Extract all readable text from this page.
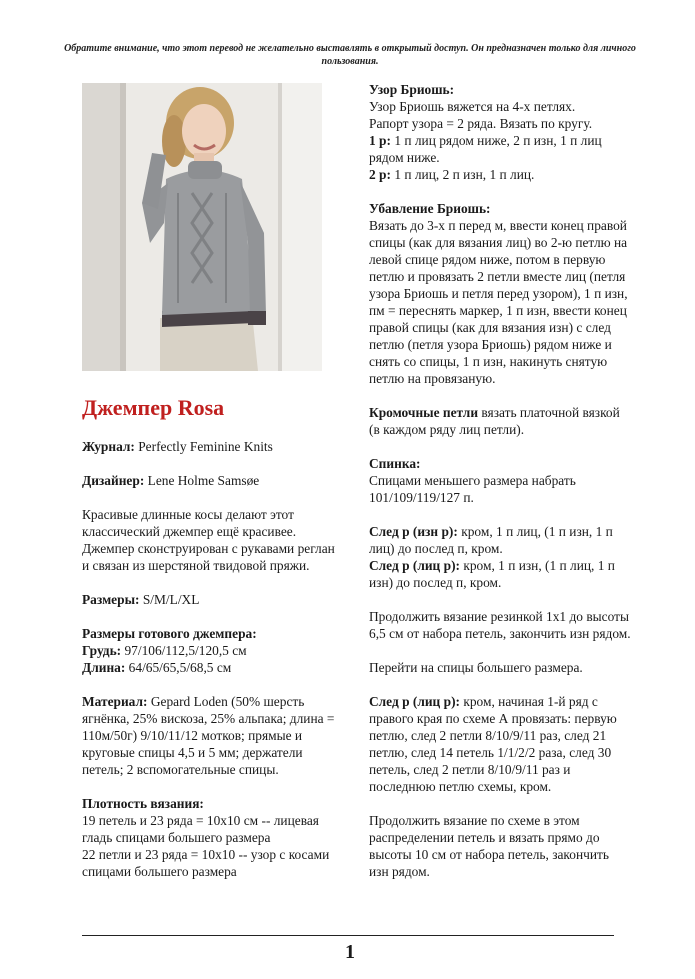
Обратите внимание, что этот перевод не желательно выставлять в открытый доступ. Он предназначен только для личного пользования.
Джемпер Rosa

Журнал: Perfectly Feminine Knits

Дизайнер: Lene Holme Samsøe

Красивые длинные косы делают этот классический джемпер ещё красивее. Джемпер сконструирован с рукавами реглан и связан из шерстяной твидовой пряжи.

Размеры: S/M/L/XL

Размеры готового джемпера:

Грудь: 97/106/112,5/120,5 см

Длина: 64/65/65,5/68,5 см

Материал: Gepard Loden (50% шерсть ягнёнка, 25% вискоза, 25% альпака; длина = 110м/50г) 9/10/11/12 мотков; прямые и круговые спицы 4,5 и 5 мм; держатели петель; 2 вспомогательные спицы.

Плотность вязания:

19 петель и 23 ряда = 10x10 см -- лицевая гладь спицами большего размера

22 петли и 23 ряда = 10x10 -- узор с косами спицами большего размера

Узор Бриошь:

Узор Бриошь вяжется на 4-х петлях.

Рапорт узора = 2 ряда. Вязать по кругу.

1 р: 1 п лиц рядом ниже, 2 п изн, 1 п лиц рядом ниже.

2 р: 1 п лиц, 2 п изн, 1 п лиц.

Убавление Бриошь:

Вязать до 3-х п перед м, ввести конец правой спицы (как для вязания лиц) во 2-ю петлю на левой спице рядом ниже, потом в первую петлю и провязать 2 петли вместе лиц (петля узора Бриошь и петля перед узором), 1 п изн, пм = переснять маркер, 1 п изн, ввести конец правой спицы (как для вязания изн) с след петлю (петля узора Бриошь) рядом ниже и снять со спицы, 1 п изн, накинуть снятую петлю на провязаную.

Кромочные петли вязать платочной вязкой (в каждом ряду лиц петли).

Спинка:

Спицами меньшего размера набрать 101/109/119/127 п.

След р (изн р): кром, 1 п лиц, (1 п изн, 1 п лиц) до послед п, кром.

След р (лиц р): кром, 1 п изн, (1 п лиц, 1 п изн) до послед п, кром.

Продолжить вязание резинкой 1x1 до высоты 6,5 см от набора петель, закончить изн рядом.

Перейти на спицы большего размера.

След р (лиц р): кром, начиная 1-й ряд с правого края по схеме А провязать: первую петлю, след 2 петли 8/10/9/11 раз, след 21 петлю, след 14 петель 1/1/2/2 раза, след 30 петель, след 2 петли 8/10/9/11 раз и последнюю петлю схемы, кром.

Продолжить вязание по схеме в этом распределении петель и вязать прямо до высоты 10 см от набора петель, закончить изн рядом.

1
